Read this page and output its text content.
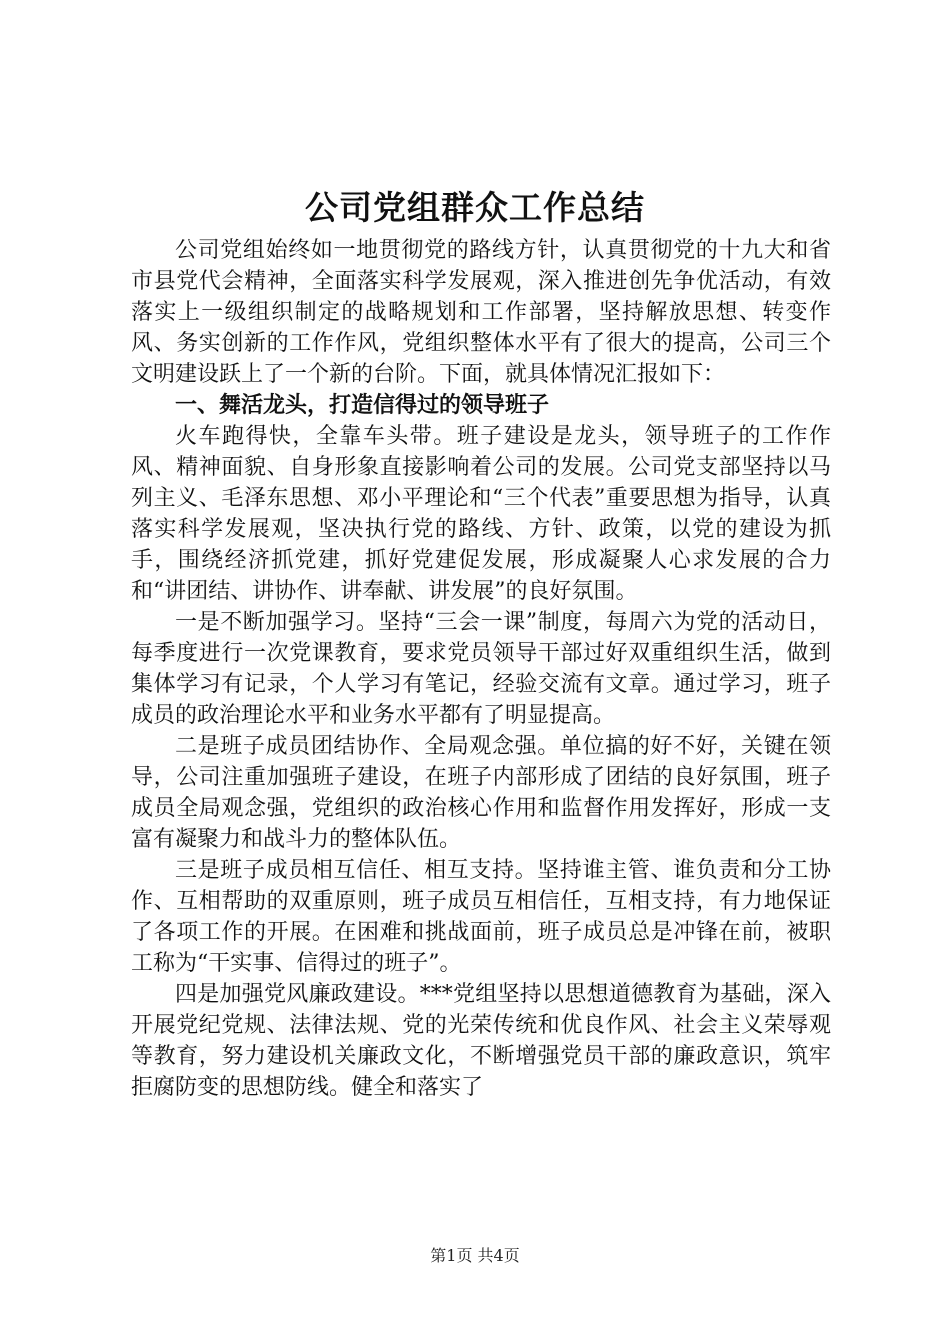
公司党组群众工作总结

公司党组始终如一地贯彻党的路线方针，认真贯彻党的十九大和省市县党代会精神，全面落实科学发展观，深入推进创先争优活动，有效落实上一级组织制定的战略规划和工作部署，坚持解放思想、转变作风、务实创新的工作作风，党组织整体水平有了很大的提高，公司三个文明建设跃上了一个新的台阶。下面，就具体情况汇报如下：

一、舞活龙头，打造信得过的领导班子

火车跑得快，全靠车头带。班子建设是龙头，领导班子的工作作风、精神面貌、自身形象直接影响着公司的发展。公司党支部坚持以马列主义、毛泽东思想、邓小平理论和“三个代表”重要思想为指导，认真落实科学发展观，坚决执行党的路线、方针、政策，以党的建设为抓手，围绕经济抓党建，抓好党建促发展，形成凝聚人心求发展的合力和“讲团结、讲协作、讲奉献、讲发展”的良好氛围。

一是不断加强学习。坚持“三会一课”制度，每周六为党的活动日，每季度进行一次党课教育，要求党员领导干部过好双重组织生活，做到集体学习有记录，个人学习有笔记，经验交流有文章。通过学习，班子成员的政治理论水平和业务水平都有了明显提高。

二是班子成员团结协作、全局观念强。单位搞的好不好，关键在领导，公司注重加强班子建设，在班子内部形成了团结的良好氛围，班子成员全局观念强，党组织的政治核心作用和监督作用发挥好，形成一支富有凝聚力和战斗力的整体队伍。

三是班子成员相互信任、相互支持。坚持谁主管、谁负责和分工协作、互相帮助的双重原则，班子成员互相信任，互相支持，有力地保证了各项工作的开展。在困难和挑战面前，班子成员总是冲锋在前，被职工称为“干实事、信得过的班子”。

四是加强党风廉政建设。***党组坚持以思想道德教育为基础，深入开展党纪党规、法律法规、党的光荣传统和优良作风、社会主义荣辱观等教育，努力建设机关廉政文化，不断增强党员干部的廉政意识，筑牢拒腐防变的思想防线。健全和落实了

第1页 共4页
